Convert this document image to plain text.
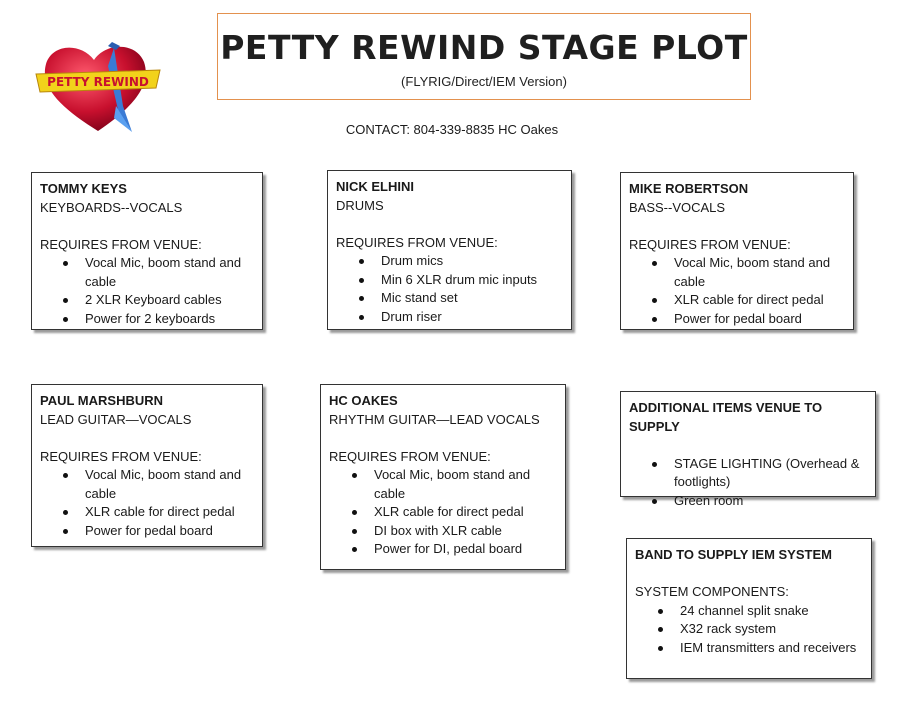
PETTY REWIND
PETTY REWIND STAGE PLOT
(FLYRIG/Direct/IEM Version)
CONTACT: 804-339-8835 HC Oakes
TOMMY KEYS
KEYBOARDS--VOCALS
REQUIRES FROM VENUE:
Vocal Mic, boom stand and cable
2 XLR Keyboard cables
Power for 2 keyboards
NICK ELHINI
DRUMS
REQUIRES FROM VENUE:
Drum mics
Min 6 XLR drum mic inputs
Mic stand set
Drum riser
MIKE ROBERTSON
BASS--VOCALS
REQUIRES FROM VENUE:
Vocal Mic, boom stand and cable
XLR cable for direct pedal
Power for pedal board
PAUL MARSHBURN
LEAD GUITAR—VOCALS
REQUIRES FROM VENUE:
Vocal Mic, boom stand and cable
XLR cable for direct pedal
Power for pedal board
HC OAKES
RHYTHM GUITAR—LEAD VOCALS
REQUIRES FROM VENUE:
Vocal Mic, boom stand and cable
XLR cable for direct pedal
DI box with XLR cable
Power for DI, pedal board
ADDITIONAL ITEMS VENUE TO SUPPLY
STAGE LIGHTING (Overhead & footlights)
Green room
BAND TO SUPPLY IEM SYSTEM
SYSTEM COMPONENTS:
24 channel split snake
X32 rack system
IEM transmitters and receivers
